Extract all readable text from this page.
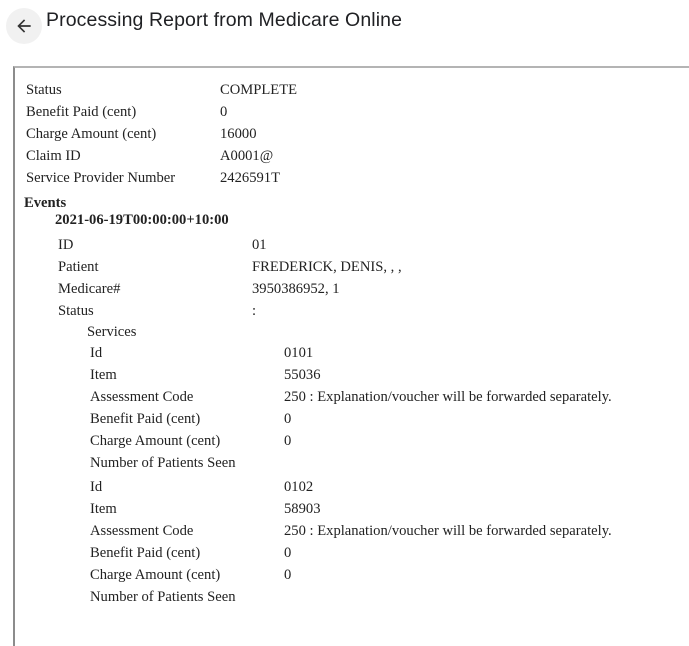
Processing Report from Medicare Online
Status	COMPLETE
Benefit Paid (cent)	0
Charge Amount (cent)	16000
Claim ID	A0001@
Service Provider Number	2426591T
Events
2021-06-19T00:00:00+10:00
ID	01
Patient	FREDERICK, DENIS, , ,
Medicare#	3950386952, 1
Status	:
Services
Id	0101
Item	55036
Assessment Code	250 : Explanation/voucher will be forwarded separately.
Benefit Paid (cent)	0
Charge Amount (cent)	0
Number of Patients Seen
Id	0102
Item	58903
Assessment Code	250 : Explanation/voucher will be forwarded separately.
Benefit Paid (cent)	0
Charge Amount (cent)	0
Number of Patients Seen
